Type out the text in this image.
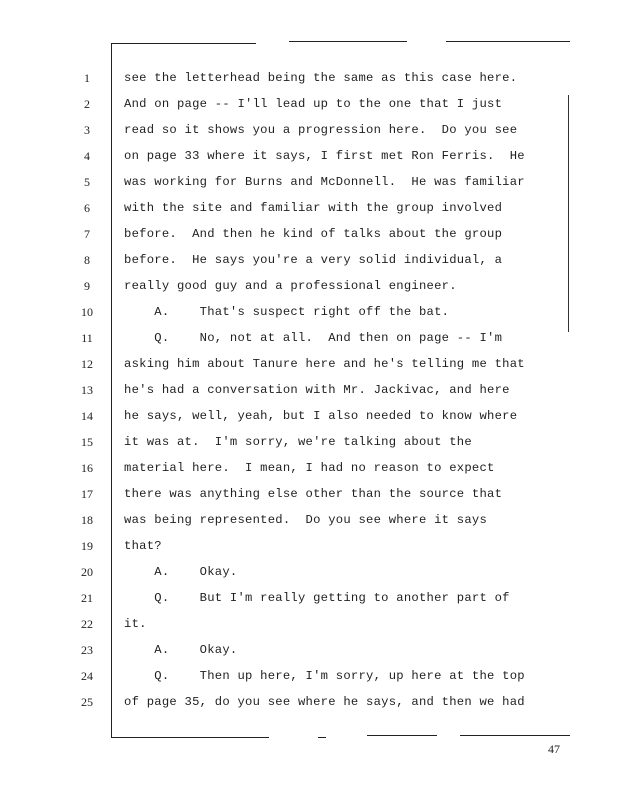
1	see the letterhead being the same as this case here.
2	And on page -- I'll lead up to the one that I just
3	read so it shows you a progression here.  Do you see
4	on page 33 where it says, I first met Ron Ferris.  He
5	was working for Burns and McDonnell.  He was familiar
6	with the site and familiar with the group involved
7	before.  And then he kind of talks about the group
8	before.  He says you're a very solid individual, a
9	really good guy and a professional engineer.
10	A.    That's suspect right off the bat.
11	Q.    No, not at all.  And then on page -- I'm
12	asking him about Tanure here and he's telling me that
13	he's had a conversation with Mr. Jackivac, and here
14	he says, well, yeah, but I also needed to know where
15	it was at.  I'm sorry, we're talking about the
16	material here.  I mean, I had no reason to expect
17	there was anything else other than the source that
18	was being represented.  Do you see where it says
19	that?
20	A.    Okay.
21	Q.    But I'm really getting to another part of
22	it.
23	A.    Okay.
24	Q.    Then up here, I'm sorry, up here at the top
25	of page 35, do you see where he says, and then we had
47
